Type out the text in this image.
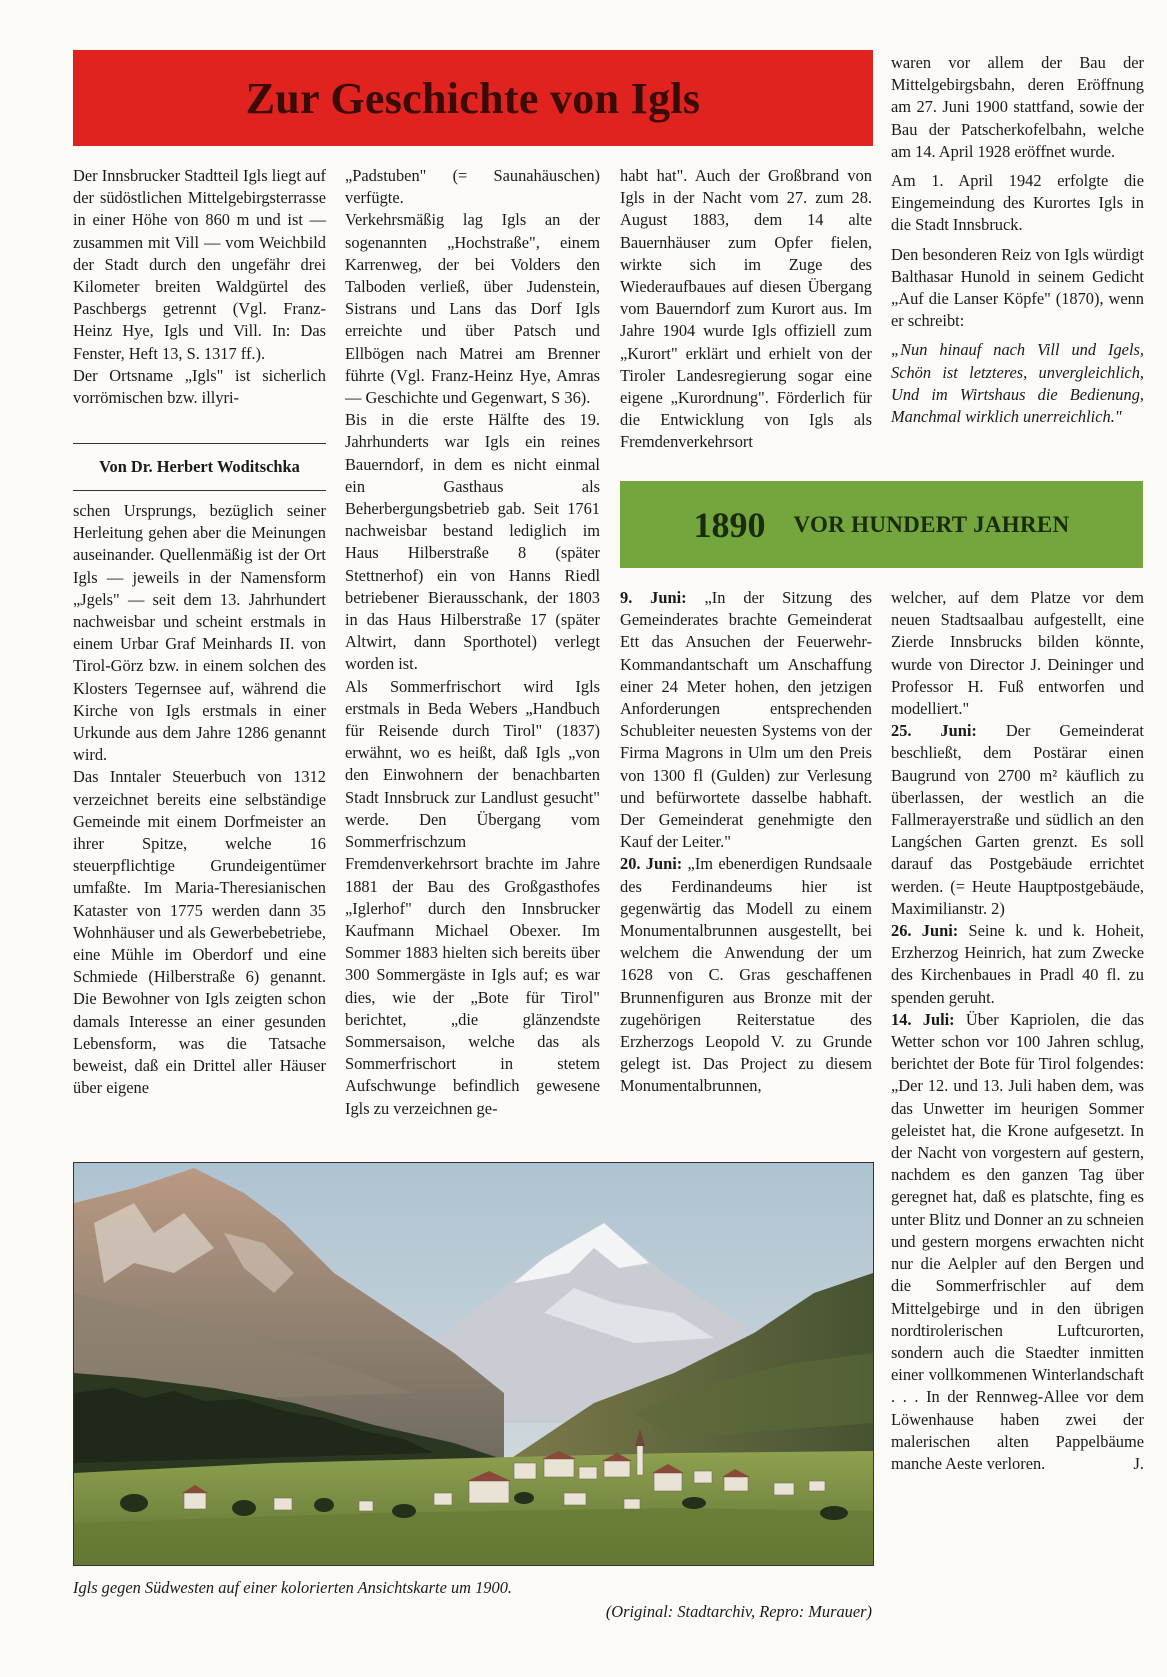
Zur Geschichte von Igls

Der Innsbrucker Stadtteil Igls liegt auf der südöstlichen Mittelgebirgsterrasse in einer Höhe von 860 m und ist — zusammen mit Vill — vom Weichbild der Stadt durch den ungefähr drei Kilometer breiten Waldgürtel des Paschbergs getrennt (Vgl. Franz-Heinz Hye, Igls und Vill. In: Das Fenster, Heft 13, S. 1317 ff.).

Der Ortsname „Igls" ist sicherlich vorrömischen bzw. illyri-

Von Dr. Herbert Woditschka

schen Ursprungs, bezüglich seiner Herleitung gehen aber die Meinungen auseinander. Quellenmäßig ist der Ort Igls — jeweils in der Namensform „Jgels" — seit dem 13. Jahrhundert nachweisbar und scheint erstmals in einem Urbar Graf Meinhards II. von Tirol-Görz bzw. in einem solchen des Klosters Tegernsee auf, während die Kirche von Igls erstmals in einer Urkunde aus dem Jahre 1286 genannt wird.

Das Inntaler Steuerbuch von 1312 verzeichnet bereits eine selbständige Gemeinde mit einem Dorfmeister an ihrer Spitze, welche 16 steuerpflichtige Grundeigentümer umfaßte. Im Maria-Theresianischen Kataster von 1775 werden dann 35 Wohnhäuser und als Gewerbebetriebe, eine Mühle im Oberdorf und eine Schmiede (Hilberstraße 6) genannt. Die Bewohner von Igls zeigten schon damals Interesse an einer gesunden Lebensform, was die Tatsache beweist, daß ein Drittel aller Häuser über eigene

„Padstuben" (= Saunahäuschen) verfügte.

Verkehrsmäßig lag Igls an der sogenannten „Hochstraße", einem Karrenweg, der bei Volders den Talboden verließ, über Judenstein, Sistrans und Lans das Dorf Igls erreichte und über Patsch und Ellbögen nach Matrei am Brenner führte (Vgl. Franz-Heinz Hye, Amras — Geschichte und Gegenwart, S 36).

Bis in die erste Hälfte des 19. Jahrhunderts war Igls ein reines Bauerndorf, in dem es nicht einmal ein Gasthaus als Beherbergungsbetrieb gab. Seit 1761 nachweisbar bestand lediglich im Haus Hilberstraße 8 (später Stettnerhof) ein von Hanns Riedl betriebener Bierausschank, der 1803 in das Haus Hilberstraße 17 (später Altwirt, dann Sporthotel) verlegt worden ist.

Als Sommerfrischort wird Igls erstmals in Beda Webers „Handbuch für Reisende durch Tirol" (1837) erwähnt, wo es heißt, daß Igls „von den Einwohnern der benachbarten Stadt Innsbruck zur Landlust gesucht" werde. Den Übergang vom Sommerfrischzum Fremdenverkehrsort brachte im Jahre 1881 der Bau des Großgasthofes „Iglerhof" durch den Innsbrucker Kaufmann Michael Obexer. Im Sommer 1883 hielten sich bereits über 300 Sommergäste in Igls auf; es war dies, wie der „Bote für Tirol" berichtet, „die glänzendste Sommersaison, welche das als Sommerfrischort in stetem Aufschwunge befindlich gewesene Igls zu verzeichnen ge-

habt hat". Auch der Großbrand von Igls in der Nacht vom 27. zum 28. August 1883, dem 14 alte Bauernhäuser zum Opfer fielen, wirkte sich im Zuge des Wiederaufbaues auf diesen Übergang vom Bauerndorf zum Kurort aus. Im Jahre 1904 wurde Igls offiziell zum „Kurort" erklärt und erhielt von der Tiroler Landesregierung sogar eine eigene „Kurordnung". Förderlich für die Entwicklung von Igls als Fremdenverkehrsort

waren vor allem der Bau der Mittelgebirgsbahn, deren Eröffnung am 27. Juni 1900 stattfand, sowie der Bau der Patscherkofelbahn, welche am 14. April 1928 eröffnet wurde.

Am 1. April 1942 erfolgte die Eingemeindung des Kurortes Igls in die Stadt Innsbruck.

Den besonderen Reiz von Igls würdigt Balthasar Hunold in seinem Gedicht „Auf die Lanser Köpfe" (1870), wenn er schreibt:

„Nun hinauf nach Vill und Igels, Schön ist letzteres, unvergleichlich, Und im Wirtshaus die Bedienung, Manchmal wirklich unerreichlich."

1890 VOR HUNDERT JAHREN

9. Juni: „In der Sitzung des Gemeinderates brachte Gemeinderat Ett das Ansuchen der Feuerwehr-Kommandantschaft um Anschaffung einer 24 Meter hohen, den jetzigen Anforderungen entsprechenden Schubleiter neuesten Systems von der Firma Magrons in Ulm um den Preis von 1300 fl (Gulden) zur Verlesung und befürwortete dasselbe habhaft. Der Gemeinderat genehmigte den Kauf der Leiter."

20. Juni: „Im ebenerdigen Rundsaale des Ferdinandeums hier ist gegenwärtig das Modell zu einem Monumentalbrunnen ausgestellt, bei welchem die Anwendung der um 1628 von C. Gras geschaffenen Brunnenfiguren aus Bronze mit der zugehörigen Reiterstatue des Erzherzogs Leopold V. zu Grunde gelegt ist. Das Project zu diesem Monumentalbrunnen,

welcher, auf dem Platze vor dem neuen Stadtsaalbau aufgestellt, eine Zierde Innsbrucks bilden könnte, wurde von Director J. Deininger und Professor H. Fuß entworfen und modelliert."

25. Juni: Der Gemeinderat beschließt, dem Postärar einen Baugrund von 2700 m² käuflich zu überlassen, der westlich an die Fallmerayerstraße und südlich an den Langśchen Garten grenzt. Es soll darauf das Postgebäude errichtet werden. (= Heute Hauptpostgebäude, Maximilianstr. 2)

26. Juni: Seine k. und k. Hoheit, Erzherzog Heinrich, hat zum Zwecke des Kirchenbaues in Pradl 40 fl. zu spenden geruht.

14. Juli: Über Kapriolen, die das Wetter schon vor 100 Jahren schlug, berichtet der Bote für Tirol folgendes: „Der 12. und 13. Juli haben dem, was das Unwetter im heurigen Sommer geleistet hat, die Krone aufgesetzt. In der Nacht von vorgestern auf gestern, nachdem es den ganzen Tag über geregnet hat, daß es platschte, fing es unter Blitz und Donner an zu schneien und gestern morgens erwachten nicht nur die Aelpler auf den Bergen und die Sommerfrischler auf dem Mittelgebirge und in den übrigen nordtirolerischen Luftcurorten, sondern auch die Staedter inmitten einer vollkommenen Winterlandschaft . . . In der Rennweg-Allee vor dem Löwenhause haben zwei der malerischen alten Pappelbäume manche Aeste verloren.	J.

Igls gegen Südwesten auf einer kolorierten Ansichtskarte um 1900.
(Original: Stadtarchiv, Repro: Murauer)
